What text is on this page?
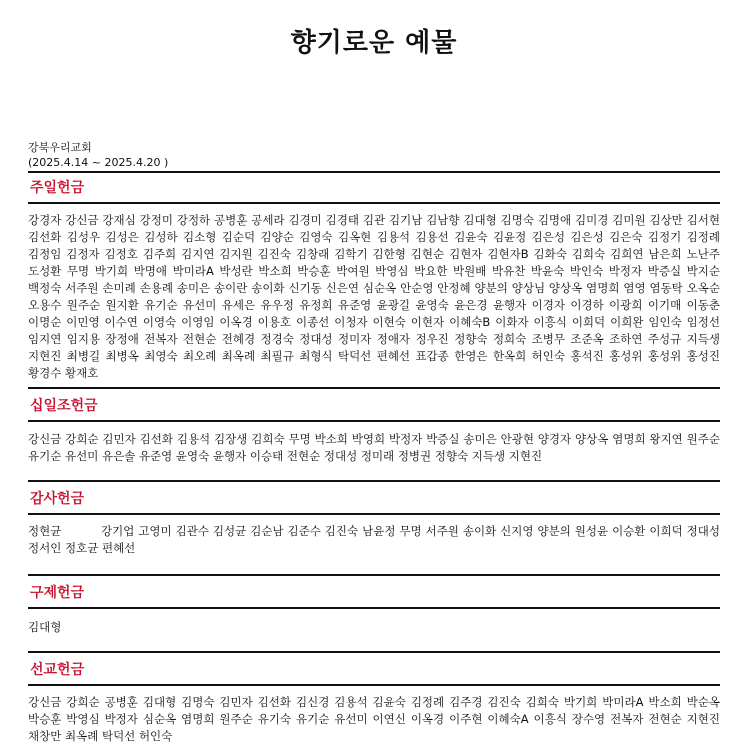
향기로운 예물
강북우리교회
(2025.4.14 ~ 2025.4.20 )
주일헌금
강경자 강신금 강재심 강정미 강정하 공병훈 공세라 김경미 김경태 김관 김기남 김남향 김대형 김명숙 김명애 김미경 김미원 김상만 김서현 김선화 김성우 김성은 김성하 김소형 김순덕 김양순 김영숙 김옥현 김용석 김용선 김윤숙 김윤정 김은성 김은성 김은숙 김정기 김정례 김정임 김정자 김정호 김주희 김지연 김지원 김진숙 김창래 김학기 김한형 김현순 김현자 김현자B 김화숙 김희숙 김희연 남은희 노난주 도성환 무명 박기희 박명애 박미라A 박성란 박소희 박승훈 박여원 박영심 박요한 박원배 박유찬 박윤숙 박인숙 박정자 박증실 박지순 백정숙 서주원 손미례 손용례 송미은 송이란 송이화 신기동 신은연 심순옥 안순영 안정혜 양분의 양상님 양상옥 염명희 염영 염동탁 오옥순 오용수 원주순 원지환 유기순 유선미 유세은 유우정 유정희 유준영 윤광길 윤영숙 윤은경 윤행자 이경자 이경하 이광희 이기매 이동춘 이명순 이민영 이수연 이영숙 이영임 이옥경 이용호 이종선 이청자 이현숙 이현자 이혜숙B 이화자 이흥식 이희덕 이희완 임인숙 임정선 임지연 임지용 장정애 전복자 전현순 전혜경 정경숙 정대성 정미자 정애자 정우진 정향숙 정희숙 조병무 조준옥 조하연 주성규 지득생 지현진 최병길 최병옥 최영숙 최오례 최옥례 최필규 최형식 탁덕선 편혜선 표갑종 한영은 한옥희 허인숙 홍석진 홍성위 홍성위 홍성진 황경수 황재호
십일조헌금
강신금 강희순 김민자 김선화 김용석 김장생 김희숙 무명 박소희 박영희 박정자 박증실 송미은 안광현 양경자 양상옥 염명희 왕지연 원주순 유기순 유선미 유은솔 유준영 윤영숙 윤행자 이승태 전현순 정대성 정미래 정병권 정향숙 지득생 지현진
감사헌금
정현균          강기업 고영미 김관수 김성균 김순남 김준수 김진숙 남윤정 무명 서주원 송이화 신지영 양분의 원성윤 이승환 이희덕 정대성 정서인 정호균 편혜선
구제헌금
김대형
선교헌금
강신금 강희순 공병훈 김대형 김명숙 김민자 김선화 김신경 김용석 김윤숙 김정례 김주경 김진숙 김희숙 박기희 박미라A 박소희 박순옥 박승훈 박영심 박정자 심순옥 염명희 원주순 유기숙 유기순 유선미 이연신 이옥경 이주현 이혜숙A 이흥식 장수영 전복자 전현순 지현진 채창만 최옥례 탁덕선 허인숙
